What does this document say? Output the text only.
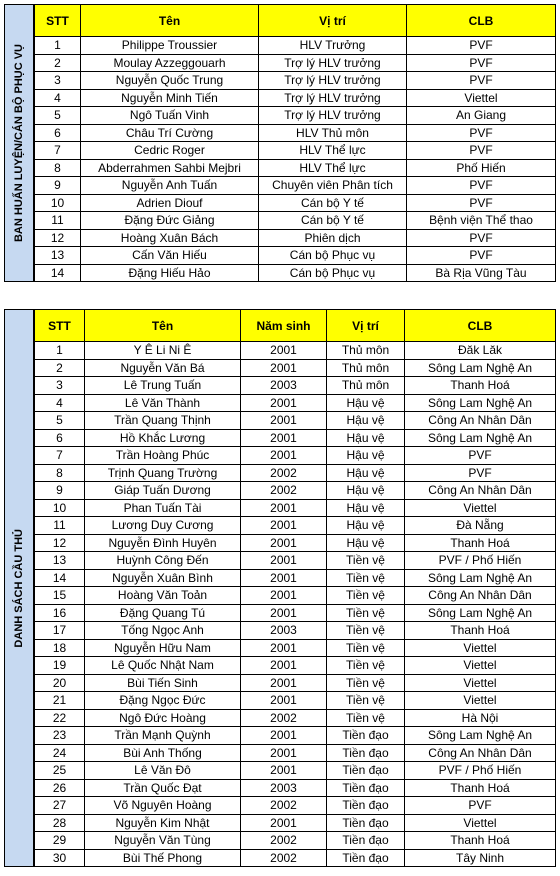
BAN HUẤN LUYỆN/CÁN BỘ PHỤC VỤ
STT	Tên	Vị trí	CLB
1	Philippe Troussier	HLV Trưởng	PVF
2	Moulay Azzeggouarh	Trợ lý HLV trưởng	PVF
3	Nguyễn Quốc Trung	Trợ lý HLV trưởng	PVF
4	Nguyễn Minh Tiến	Trợ lý HLV trưởng	Viettel
5	Ngô Tuấn Vinh	Trợ lý HLV trưởng	An Giang
6	Châu Trí Cường	HLV Thủ môn	PVF
7	Cedric Roger	HLV Thể lực	PVF
8	Abderrahmen Sahbi Mejbri	HLV Thể lực	Phố Hiến
9	Nguyễn Anh Tuấn	Chuyên viên Phân tích	PVF
10	Adrien Diouf	Cán bộ Y tế	PVF
11	Đặng Đức Giảng	Cán bộ Y tế	Bệnh viện Thể thao
12	Hoàng Xuân Bách	Phiên dịch	PVF
13	Cấn Văn Hiếu	Cán bộ Phục vụ	PVF
14	Đặng Hiếu Hảo	Cán bộ Phục vụ	Bà Rịa Vũng Tàu
DANH SÁCH CẦU THỦ
STT	Tên	Năm sinh	Vị trí	CLB
1	Y Ê Li Ni Ê	2001	Thủ môn	Đăk Lăk
2	Nguyễn Văn Bá	2001	Thủ môn	Sông Lam Nghệ An
3	Lê Trung Tuấn	2003	Thủ môn	Thanh Hoá
4	Lê Văn Thành	2001	Hậu vệ	Sông Lam Nghệ An
5	Trần Quang Thịnh	2001	Hậu vệ	Công An Nhân Dân
6	Hồ Khắc Lương	2001	Hậu vệ	Sông Lam Nghệ An
7	Trần Hoàng Phúc	2001	Hậu vệ	PVF
8	Trịnh Quang Trường	2002	Hậu vệ	PVF
9	Giáp Tuấn Dương	2002	Hậu vệ	Công An Nhân Dân
10	Phan Tuấn Tài	2001	Hậu vệ	Viettel
11	Lương Duy Cương	2001	Hậu vệ	Đà Nẵng
12	Nguyễn Đình Huyên	2001	Hậu vệ	Thanh Hoá
13	Huỳnh Công Đến	2001	Tiền vệ	PVF / Phố Hiến
14	Nguyễn Xuân Bình	2001	Tiền vệ	Sông Lam Nghệ An
15	Hoàng Văn Toản	2001	Tiền vệ	Công An Nhân Dân
16	Đặng Quang Tú	2001	Tiền vệ	Sông Lam Nghệ An
17	Tống Ngọc Anh	2003	Tiền vệ	Thanh Hoá
18	Nguyễn Hữu Nam	2001	Tiền vệ	Viettel
19	Lê Quốc Nhật Nam	2001	Tiền vệ	Viettel
20	Bùi Tiến Sinh	2001	Tiền vệ	Viettel
21	Đặng Ngọc Đức	2001	Tiền vệ	Viettel
22	Ngô Đức Hoàng	2002	Tiền vệ	Hà Nội
23	Trần Mạnh Quỳnh	2001	Tiền đạo	Sông Lam Nghệ An
24	Bùi Anh Thống	2001	Tiền đạo	Công An Nhân Dân
25	Lê Văn Đô	2001	Tiền đạo	PVF / Phố Hiến
26	Trần Quốc Đạt	2003	Tiền đạo	Thanh Hoá
27	Võ Nguyên Hoàng	2002	Tiền đạo	PVF
28	Nguyễn Kim Nhật	2001	Tiền đạo	Viettel
29	Nguyễn Văn Tùng	2002	Tiền đạo	Thanh Hoá
30	Bùi Thế Phong	2002	Tiền đạo	Tây Ninh
